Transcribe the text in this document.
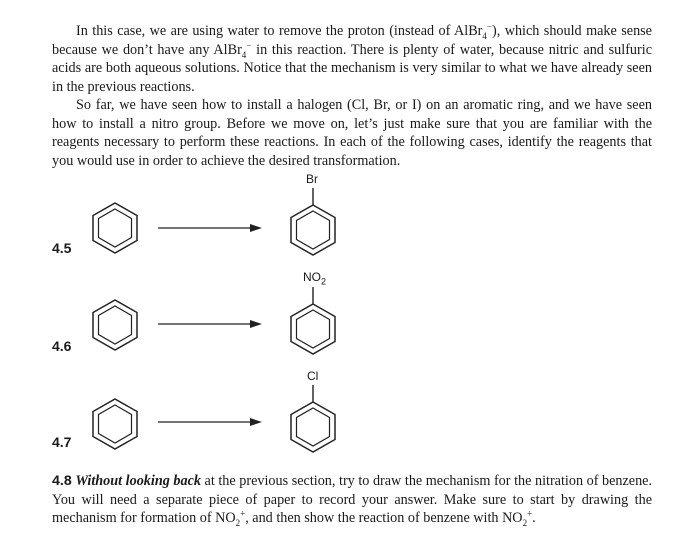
In this case, we are using water to remove the proton (instead of AlBr$_4$−), which should make sense because we don’t have any AlBr$_4$− in this reaction. There is plenty of water, because nitric and sulfuric acids are both aqueous solutions. Notice that the mechanism is very similar to what we have already seen in the previous reactions.

So far, we have seen how to install a halogen (Cl, Br, or I) on an aromatic ring, and we have seen how to install a nitro group. Before we move on, let’s just make sure that you are familiar with the reagents necessary to perform these reactions. In each of the following cases, identify the reagents that you would use in order to achieve the desired transformation.

4.5
Br
4.6
$NO_2$
4.7
Cl

4.8 Without looking back at the previous section, try to draw the mechanism for the nitration of benzene. You will need a separate piece of paper to record your answer. Make sure to start by drawing the mechanism for formation of $NO_2^+$, and then show the reaction of benzene with $NO_2^+$.
